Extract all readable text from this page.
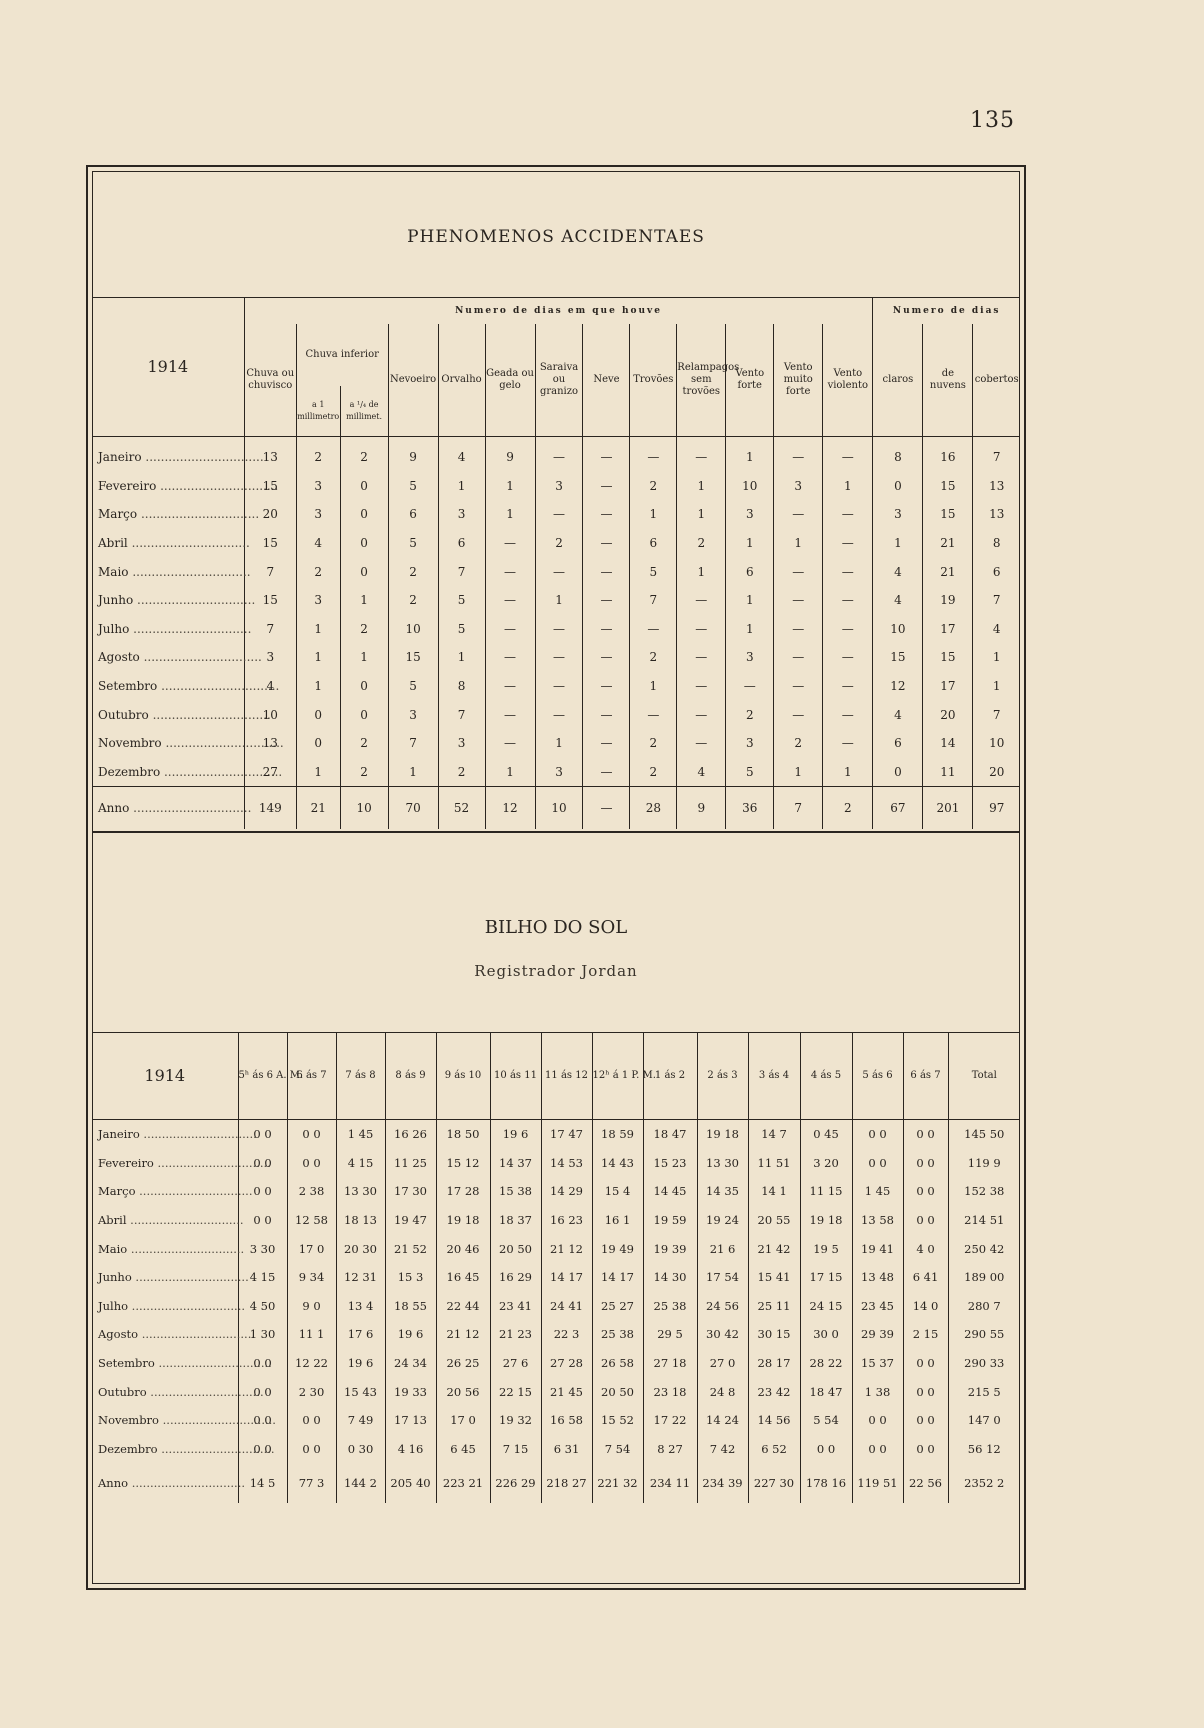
135
PHENOMENOS ACCIDENTAES
1914	Numero de dias em que houve													Numero de dias		
	Chuva ou chuvisco	Chuva inferior		Nevoeiro	Orvalho	Geada ou gelo	Saraiva ou granizo	Neve	Trovões	Relampagos sem trovões	Vento forte	Vento muito forte	Vento violento	claros	de nuvens	cobertos
		a 1 millimetro	a ¹/₄ de millimet.													
Janeiro .....	13	2	2	9	4	9	—	—	—	—	1	—	—	8	16	7
Fevereiro .....	15	3	0	5	1	1	3	—	2	1	10	3	1	0	15	13
Março .....	20	3	0	6	3	1	—	—	1	1	3	—	—	3	15	13
Abril .....	15	4	0	5	6	—	2	—	6	2	1	1	—	1	21	8
Maio .....	7	2	0	2	7	—	—	—	5	1	6	—	—	4	21	6
Junho .....	15	3	1	2	5	—	1	—	7	—	1	—	—	4	19	7
Julho .....	7	1	2	10	5	—	—	—	—	—	1	—	—	10	17	4
Agosto .....	3	1	1	15	1	—	—	—	2	—	3	—	—	15	15	1
Setembro .....	4	1	0	5	8	—	—	—	1	—	—	—	—	12	17	1
Outubro .....	10	0	0	3	7	—	—	—	—	—	2	—	—	4	20	7
Novembro .....	13	0	2	7	3	—	1	—	2	—	3	2	—	6	14	10
Dezembro .....	27	1	2	1	2	1	3	—	2	4	5	1	1	0	11	20
Anno .....	149	21	10	70	52	12	10	—	28	9	36	7	2	67	201	97

BILHO DO SOL
Registrador Jordan
1914	5ʰ ás 6 A. M.	6 ás 7	7 ás 8	8 ás 9	9 ás 10	10 ás 11	11 ás 12	12ʰ á 1 P. M.	1 ás 2	2 ás 3	3 ás 4	4 ás 5	5 ás 6	6 ás 7	Total
Janeiro .....	0 0	0 0	1 45	16 26	18 50	19 6	17 47	18 59	18 47	19 18	14 7	0 45	0 0	0 0	145 50
Fevereiro .....	0 0	0 0	4 15	11 25	15 12	14 37	14 53	14 43	15 23	13 30	11 51	3 20	0 0	0 0	119 9
Março .....	0 0	2 38	13 30	17 30	17 28	15 38	14 29	15 4	14 45	14 35	14 1	11 15	1 45	0 0	152 38
Abril .....	0 0	12 58	18 13	19 47	19 18	18 37	16 23	16 1	19 59	19 24	20 55	19 18	13 58	0 0	214 51
Maio .....	3 30	17 0	20 30	21 52	20 46	20 50	21 12	19 49	19 39	21 6	21 42	19 5	19 41	4 0	250 42
Junho .....	4 15	9 34	12 31	15 3	16 45	16 29	14 17	14 17	14 30	17 54	15 41	17 15	13 48	6 41	189 00
Julho .....	4 50	9 0	13 4	18 55	22 44	23 41	24 41	25 27	25 38	24 56	25 11	24 15	23 45	14 0	280 7
Agosto .....	1 30	11 1	17 6	19 6	21 12	21 23	22 3	25 38	29 5	30 42	30 15	30 0	29 39	2 15	290 55
Setembro .....	0 0	12 22	19 6	24 34	26 25	27 6	27 28	26 58	27 18	27 0	28 17	28 22	15 37	0 0	290 33
Outubro .....	0 0	2 30	15 43	19 33	20 56	22 15	21 45	20 50	23 18	24 8	23 42	18 47	1 38	0 0	215 5
Novembro .....	0 0	0 0	7 49	17 13	17 0	19 32	16 58	15 52	17 22	14 24	14 56	5 54	0 0	0 0	147 0
Dezembro .....	0 0	0 0	0 30	4 16	6 45	7 15	6 31	7 54	8 27	7 42	6 52	0 0	0 0	0 0	56 12
Anno .....	14 5	77 3	144 2	205 40	223 21	226 29	218 27	221 32	234 11	234 39	227 30	178 16	119 51	22 56	2352 2
